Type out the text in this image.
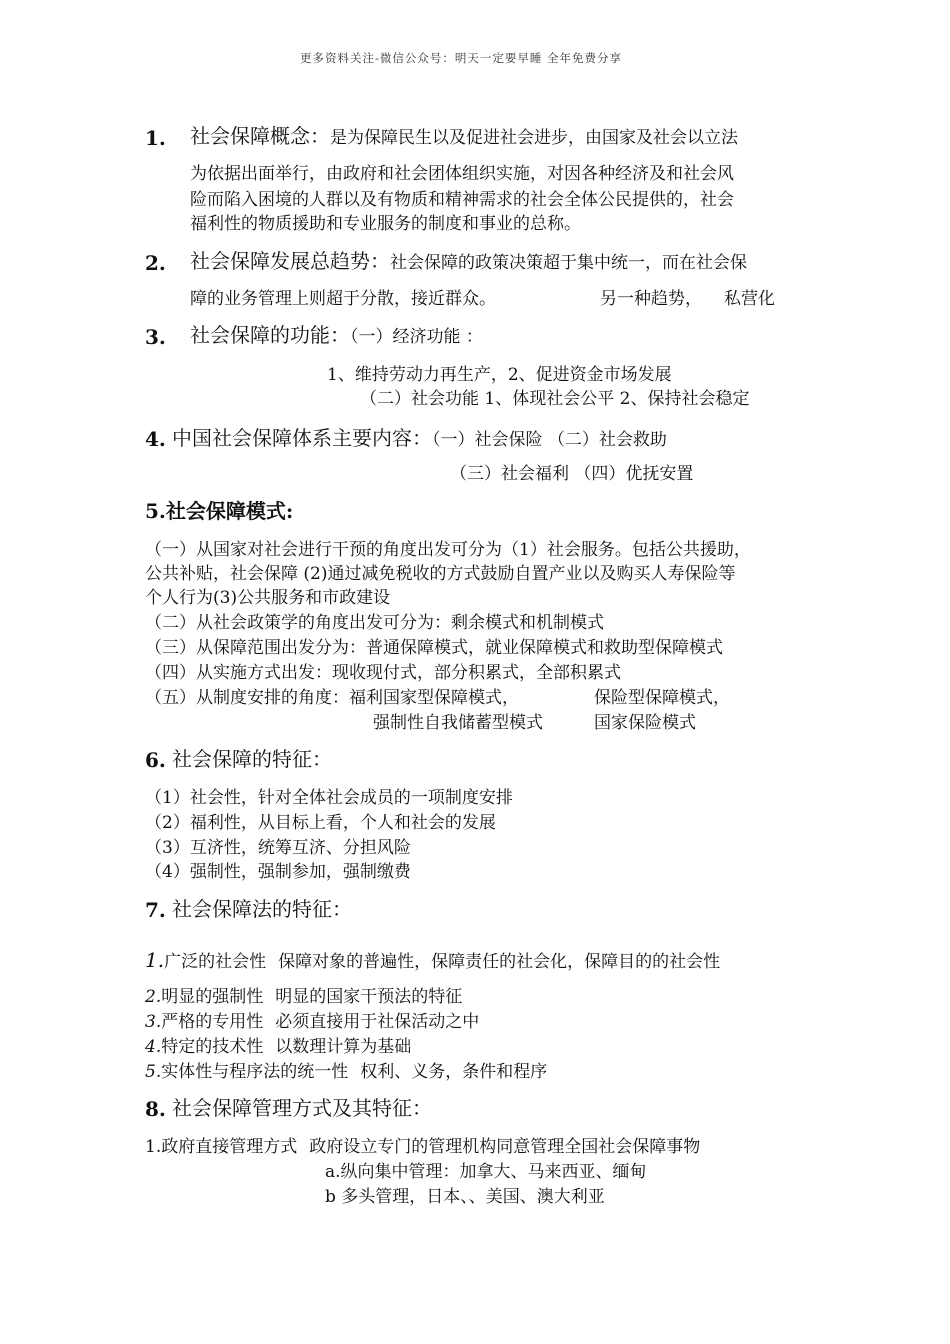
更多资料关注-微信公众号：明天一定要早睡 全年免费分享
1. 社会保障概念：是为保障民生以及促进社会进步，由国家及社会以立法
为依据出面举行，由政府和社会团体组织实施，对因各种经济及和社会风
险而陷入困境的人群以及有物质和精神需求的社会全体公民提供的，社会
福利性的物质援助和专业服务的制度和事业的总称。
2. 社会保障发展总趋势：社会保障的政策决策超于集中统一，而在社会保
障的业务管理上则超于分散，接近群众。	另一种趋势， 私营化
3. 社会保障的功能：（一）经济功能 ：
1、维持劳动力再生产，2、促进资金市场发展
（二）社会功能 1、体现社会公平 2、保持社会稳定
4. 中国社会保障体系主要内容：（一）社会保险 （二）社会救助
（三）社会福利 （四）优抚安置
5.社会保障模式:
（一）从国家对社会进行干预的角度出发可分为（1）社会服务。包括公共援助，
公共补贴，社会保障 (2)通过减免税收的方式鼓励自置产业以及购买人寿保险等
个人行为(3)公共服务和市政建设
（二）从社会政策学的角度出发可分为：剩余模式和机制模式
（三）从保障范围出发分为：普通保障模式，就业保障模式和救助型保障模式
（四）从实施方式出发：现收现付式，部分积累式，全部积累式
（五）从制度安排的角度：福利国家型保障模式，	保险型保障模式，
强制性自我储蓄型模式	国家保险模式
6. 社会保障的特征：
（1）社会性，针对全体社会成员的一项制度安排
（2）福利性，从目标上看，个人和社会的发展
（3）互济性，统筹互济、分担风险
（4）强制性，强制参加，强制缴费
7. 社会保障法的特征：
1.广泛的社会性 保障对象的普遍性，保障责任的社会化，保障目的的社会性
2.明显的强制性 明显的国家干预法的特征
3.严格的专用性 必须直接用于社保活动之中
4.特定的技术性 以数理计算为基础
5.实体性与程序法的统一性 权利、义务，条件和程序
8. 社会保障管理方式及其特征：
1.政府直接管理方式 政府设立专门的管理机构同意管理全国社会保障事物
a.纵向集中管理：加拿大、马来西亚、缅甸
b 多头管理，日本、、美国、澳大利亚
